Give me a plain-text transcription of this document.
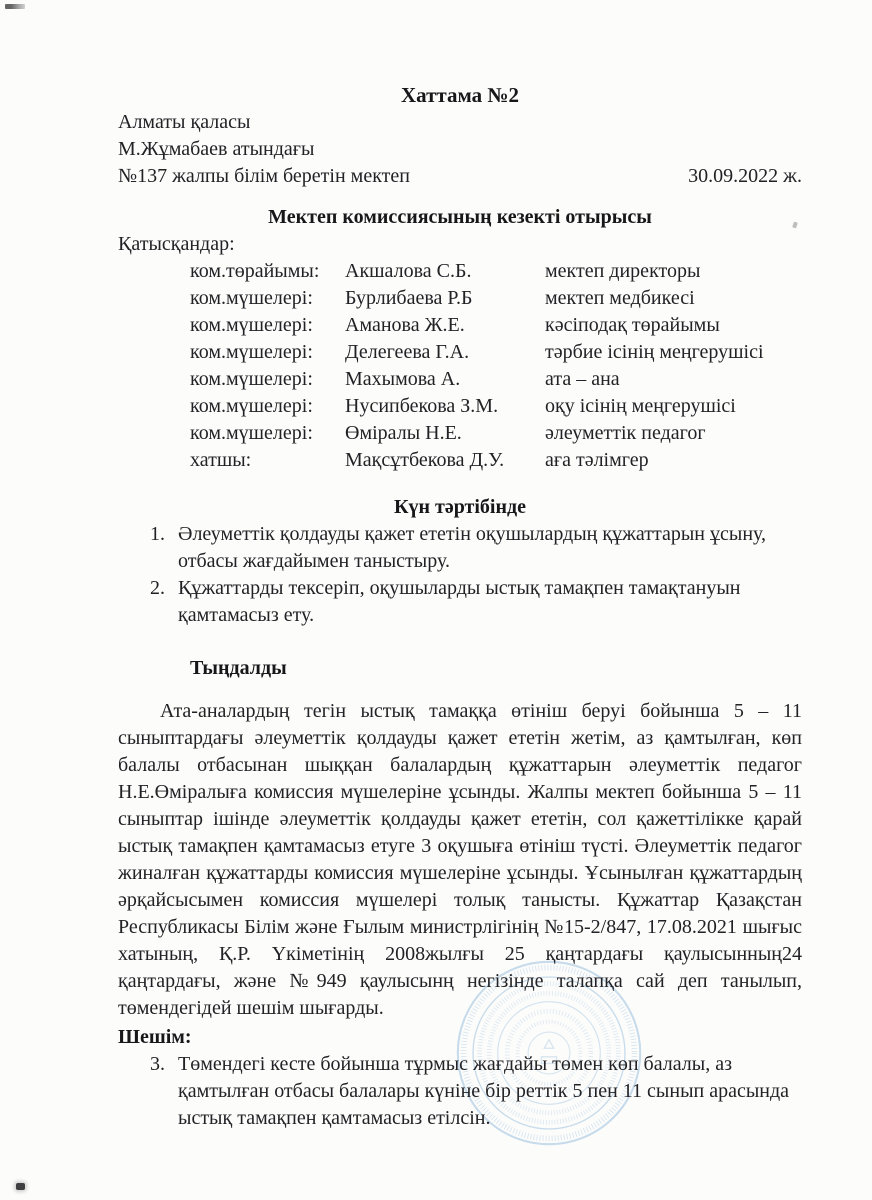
Хаттама №2
Алматы қаласы
М.Жұмабаев атындағы
№137 жалпы білім беретін мектеп	30.09.2022 ж.
Мектеп комиссиясының кезекті отырысы
Қатысқандар:
ком.төрайымы:	Акшалова С.Б.	мектеп директоры
ком.мүшелері:	Бурлибаева Р.Б	мектеп медбикесі
ком.мүшелері:	Аманова Ж.Е.	кәсіподақ төрайымы
ком.мүшелері:	Делегеева Г.А.	тәрбие ісінің меңгерушісі
ком.мүшелері:	Махымова А.	ата – ана
ком.мүшелері:	Нусипбекова З.М.	оқу ісінің меңгерушісі
ком.мүшелері:	Өміралы Н.Е.	әлеуметтік педагог
хатшы:	Мақсұтбекова Д.У.	аға тәлімгер
Күн тәртібінде
1. Әлеуметтік қолдауды қажет ететін оқушылардың құжаттарын ұсыну, отбасы жағдайымен таныстыру.
2. Құжаттарды тексеріп, оқушыларды ыстық тамақпен тамақтануын қамтамасыз ету.
Тыңдалды
Ата-аналардың тегін ыстық тамаққа өтініш беруі бойынша 5 – 11 сыныптардағы әлеуметтік қолдауды қажет ететін жетім, аз қамтылған, көп балалы отбасынан шыққан балалардың құжаттарын әлеуметтік педагог Н.Е.Өміралыға комиссия мүшелеріне ұсынды. Жалпы мектеп бойынша 5 – 11 сыныптар ішінде әлеуметтік қолдауды қажет ететін, сол қажеттілікке қарай ыстық тамақпен қамтамасыз етуге 3 оқушыға өтініш түсті. Әлеуметтік педагог жиналған құжаттарды комиссия мүшелеріне ұсынды. Ұсынылған құжаттардың әрқайсысымен комиссия мүшелері толық танысты. Құжаттар Қазақстан Республикасы Білім және Ғылым министрлігінің №15-2/847, 17.08.2021 шығыс хатының, Қ.Р. Үкіметінің 2008жылғы 25 қаңтардағы қаулысынның24 қаңтардағы, және №949 қаулысынң негізінде талапқа сай деп танылып, төмендегідей шешім шығарды.
Шешім:
3. Төмендегі кесте бойынша тұрмыс жағдайы төмен көп балалы, аз қамтылған отбасы балалары күніне бір реттік 5 пен 11 сынып арасында ыстық тамақпен қамтамасыз етілсін.
